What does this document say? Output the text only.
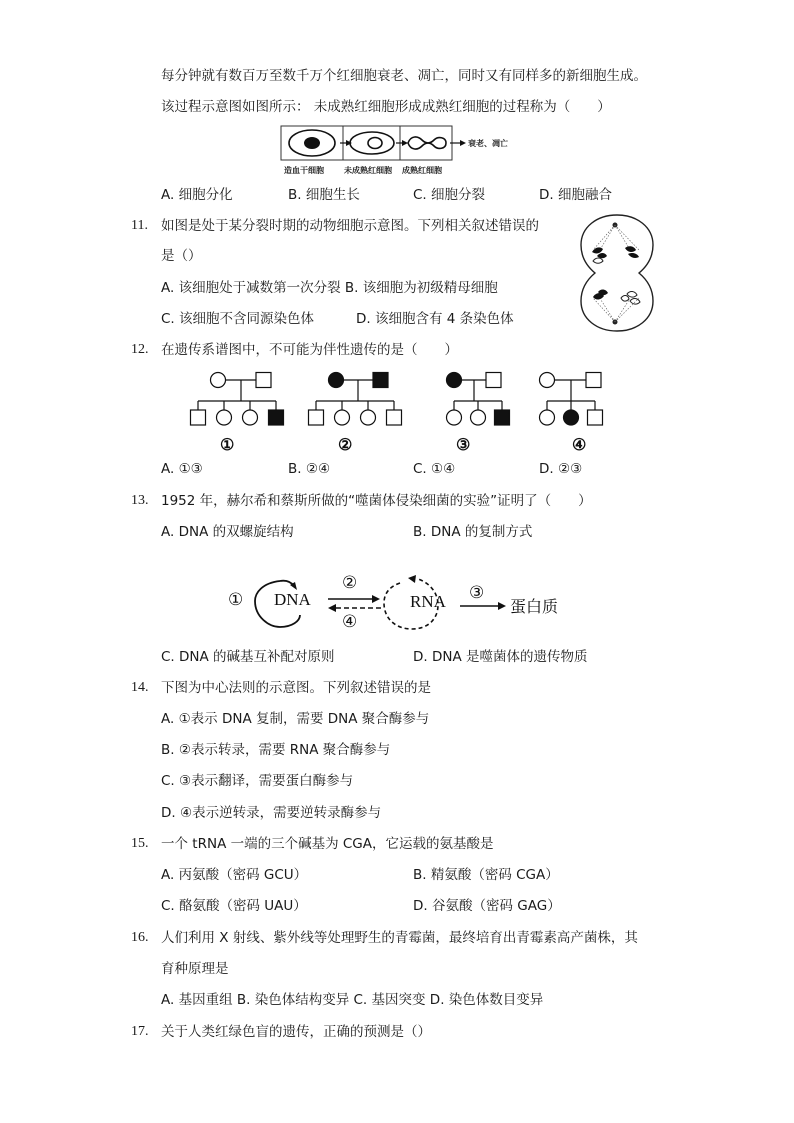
每分钟就有数百万至数千万个红细胞衰老、凋亡，同时又有同样多的新细胞生成。
该过程示意图如图所示： 未成熟红细胞形成成熟红细胞的过程称为（　　）
造血干细胞	未成熟红细胞 成熟红细胞
衰老、凋亡
A. 细胞分化	B. 细胞生长	C. 细胞分裂	D. 细胞融合
11. 如图是处于某分裂时期的动物细胞示意图。下列相关叙述错误的
是（）
A. 该细胞处于减数第一次分裂 B. 该细胞为初级精母细胞
C. 该细胞不含同源染色体	D. 该细胞含有 4 条染色体
12. 在遗传系谱图中，不可能为伴性遗传的是（　　）
①	②	③	④
A. ①③	B. ②④	C. ①④	D. ②③
13. 1952 年，赫尔希和蔡斯所做的“噬菌体侵染细菌的实验”证明了（　　）
A. DNA 的双螺旋结构	B. DNA 的复制方式
① DNA
②
④
RNA ③
蛋白质
C. DNA 的碱基互补配对原则	D. DNA 是噬菌体的遗传物质
14. 下图为中心法则的示意图。下列叙述错误的是
A. ①表示 DNA 复制，需要 DNA 聚合酶参与
B. ②表示转录，需要 RNA 聚合酶参与
C. ③表示翻译，需要蛋白酶参与
D. ④表示逆转录，需要逆转录酶参与
15. 一个 tRNA 一端的三个碱基为 CGA，它运载的氨基酸是
A. 丙氨酸（密码 GCU）	B. 精氨酸（密码 CGA）
C. 酪氨酸（密码 UAU）	D. 谷氨酸（密码 GAG）
16. 人们利用 X 射线、紫外线等处理野生的青霉菌，最终培育出青霉素高产菌株，其
育种原理是
A. 基因重组 B. 染色体结构变异 C. 基因突变 D. 染色体数目变异
17. 关于人类红绿色盲的遗传，正确的预测是（）
